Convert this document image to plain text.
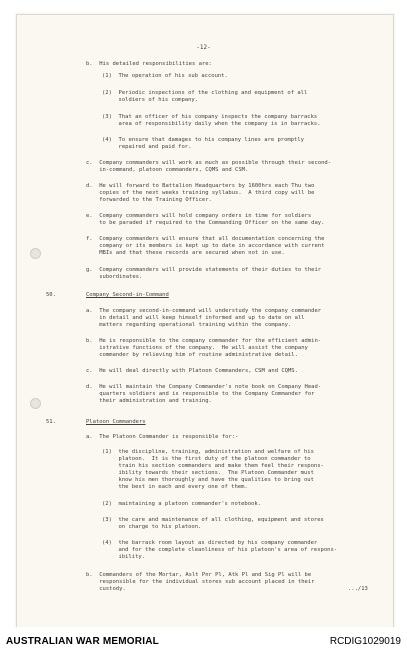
-12-
b.  His detailed responsibilities are:
(1)  The operation of his sub account.
(2)  Periodic inspections of the clothing and equipment of all
soldiers of his company.
(3)  That an officer of his company inspects the company barracks
area of responsibility daily when the company is in barracks.
(4)  To ensure that damages to his company lines are promptly
repaired and paid for.
c.  Company commanders will work as much as possible through their second-
in-command, platoon commanders, CQMS and CSM.
d.  He will forward to Battalion Headquarters by 1600hrs each Thu two
copies of the next weeks training syllabus.  A third copy will be
forwarded to the Training Officer.
e.  Company commanders will hold company orders in time for soldiers
to be paraded if required to the Commanding Officer on the same day.
f.  Company commanders will ensure that all documentation concerning the
company or its members is kept up to date in accordance with current
MBIs and that these records are secured when not in use.
g.  Company commanders will provide statements of their duties to their
subordinates.
50.	Company Second-in-Command
a.  The company second-in-command will understudy the company commander
in detail and will keep himself informed and up to date on all
matters regarding operational training within the company.
b.  He is responsible to the company commander for the efficient admin-
istrative functions of the company.  He will assist the company
commander by relieving him of routine administrative detail.
c.  He will deal directly with Platoon Commanders, CSM and CQMS.
d.  He will maintain the Company Commander's note book on Company Head-
quarters soldiers and is responsible to the Company Commander for
their administration and training.
51.	Platoon Commanders
a.  The Platoon Commander is responsible for:-
(1)  the discipline, training, administration and welfare of his
platoon.  It is the first duty of the platoon commander to
train his section commanders and make them feel their respons-
ibility towards their sections.  The Platoon Commander must
know his men thoroughly and have the qualities to bring out
the best in each and every one of them.
(2)  maintaining a platoon commander's notebook.
(3)  the care and maintenance of all clothing, equipment and stores
on charge to his platoon.
(4)  the barrack room layout as directed by his company commander
and for the complete cleanliness of his platoon's area of respons-
ibility.
b.  Commanders of the Mortar, Aslt Pnr Pl, Atk Pl and Sig Pl will be
responsible for the individual stores sub account placed in their
custody.	.../13
AUSTRALIAN WAR MEMORIAL	RCDIG1029019
